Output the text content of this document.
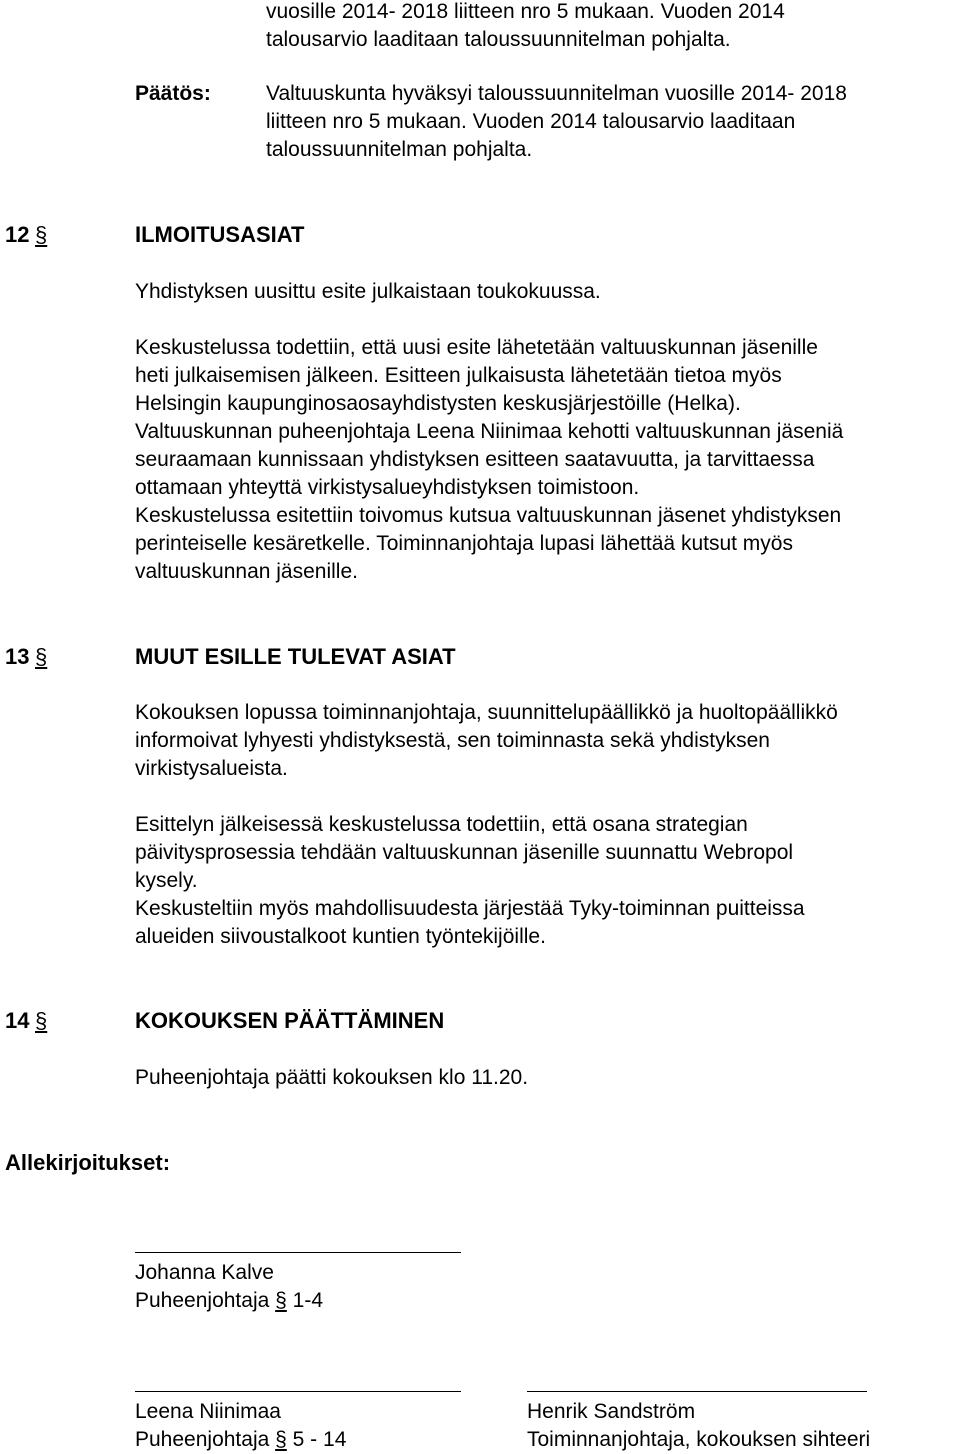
vuosille 2014- 2018 liitteen nro 5 mukaan. Vuoden 2014
talousarvio laaditaan taloussuunnitelman pohjalta.
Päätös:	Valtuuskunta hyväksyi taloussuunnitelman vuosille 2014- 2018
liitteen nro 5 mukaan. Vuoden 2014 talousarvio laaditaan
taloussuunnitelman pohjalta.
12 §	ILMOITUSASIAT
Yhdistyksen uusittu esite julkaistaan toukokuussa.
Keskustelussa todettiin, että uusi esite lähetetään valtuuskunnan jäsenille
heti julkaisemisen jälkeen. Esitteen julkaisusta lähetetään tietoa myös
Helsingin kaupunginosaosayhdistysten keskusjärjestöille (Helka).
Valtuuskunnan puheenjohtaja Leena Niinimaa kehotti valtuuskunnan jäseniä
seuraamaan kunnissaan yhdistyksen esitteen saatavuutta, ja tarvittaessa
ottamaan yhteyttä virkistysalueyhdistyksen toimistoon.
Keskustelussa esitettiin toivomus kutsua valtuuskunnan jäsenet yhdistyksen
perinteiselle kesäretkelle. Toiminnanjohtaja lupasi lähettää kutsut myös
valtuuskunnan jäsenille.
13 §	MUUT ESILLE TULEVAT ASIAT
Kokouksen lopussa toiminnanjohtaja, suunnittelupäällikkö ja huoltopäällikkö
informoivat lyhyesti yhdistyksestä, sen toiminnasta sekä yhdistyksen
virkistysalueista.
Esittelyn jälkeisessä keskustelussa todettiin, että osana strategian
päivitysprosessia tehdään valtuuskunnan jäsenille suunnattu Webropol
kysely.
Keskusteltiin myös mahdollisuudesta järjestää Tyky-toiminnan puitteissa
alueiden siivoustalkoot kuntien työntekijöille.
14 §	KOKOUKSEN PÄÄTTÄMINEN
Puheenjohtaja päätti kokouksen klo 11.20.
Allekirjoitukset:
Johanna Kalve
Puheenjohtaja § 1-4
Leena Niinimaa
Puheenjohtaja § 5 - 14
Henrik Sandström
Toiminnanjohtaja, kokouksen sihteeri
